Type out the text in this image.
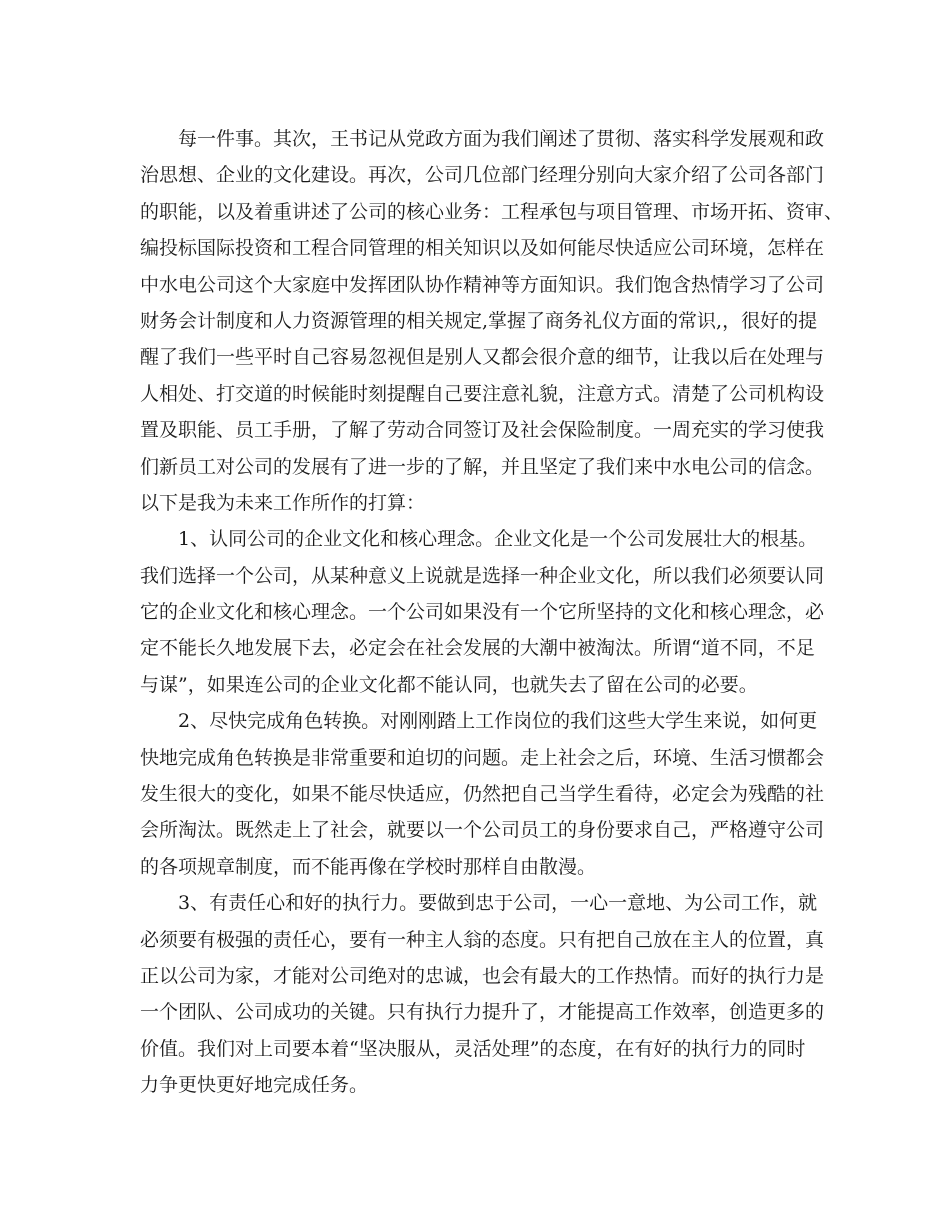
每一件事。其次，王书记从党政方面为我们阐述了贯彻、落实科学发展观和政
治思想、企业的文化建设。再次，公司几位部门经理分别向大家介绍了公司各部门
的职能，以及着重讲述了公司的核心业务：工程承包与项目管理、市场开拓、资审、
编投标国际投资和工程合同管理的相关知识以及如何能尽快适应公司环境，怎样在
中水电公司这个大家庭中发挥团队协作精神等方面知识。我们饱含热情学习了公司
财务会计制度和人力资源管理的相关规定,掌握了商务礼仪方面的常识,，很好的提
醒了我们一些平时自己容易忽视但是别人又都会很介意的细节，让我以后在处理与
人相处、打交道的时候能时刻提醒自己要注意礼貌，注意方式。清楚了公司机构设
置及职能、员工手册，了解了劳动合同签订及社会保险制度。一周充实的学习使我
们新员工对公司的发展有了进一步的了解，并且坚定了我们来中水电公司的信念。
以下是我为未来工作所作的打算：
1、认同公司的企业文化和核心理念。企业文化是一个公司发展壮大的根基。
我们选择一个公司，从某种意义上说就是选择一种企业文化，所以我们必须要认同
它的企业文化和核心理念。一个公司如果没有一个它所坚持的文化和核心理念，必
定不能长久地发展下去，必定会在社会发展的大潮中被淘汰。所谓“道不同，不足
与谋”，如果连公司的企业文化都不能认同，也就失去了留在公司的必要。
2、尽快完成角色转换。对刚刚踏上工作岗位的我们这些大学生来说，如何更
快地完成角色转换是非常重要和迫切的问题。走上社会之后，环境、生活习惯都会
发生很大的变化，如果不能尽快适应，仍然把自己当学生看待，必定会为残酷的社
会所淘汰。既然走上了社会，就要以一个公司员工的身份要求自己，严格遵守公司
的各项规章制度，而不能再像在学校时那样自由散漫。
3、有责任心和好的执行力。要做到忠于公司，一心一意地、为公司工作，就
必须要有极强的责任心，要有一种主人翁的态度。只有把自己放在主人的位置，真
正以公司为家，才能对公司绝对的忠诚，也会有最大的工作热情。而好的执行力是
一个团队、公司成功的关键。只有执行力提升了，才能提高工作效率，创造更多的
价值。我们对上司要本着“坚决服从，灵活处理”的态度，在有好的执行力的同时
力争更快更好地完成任务。
